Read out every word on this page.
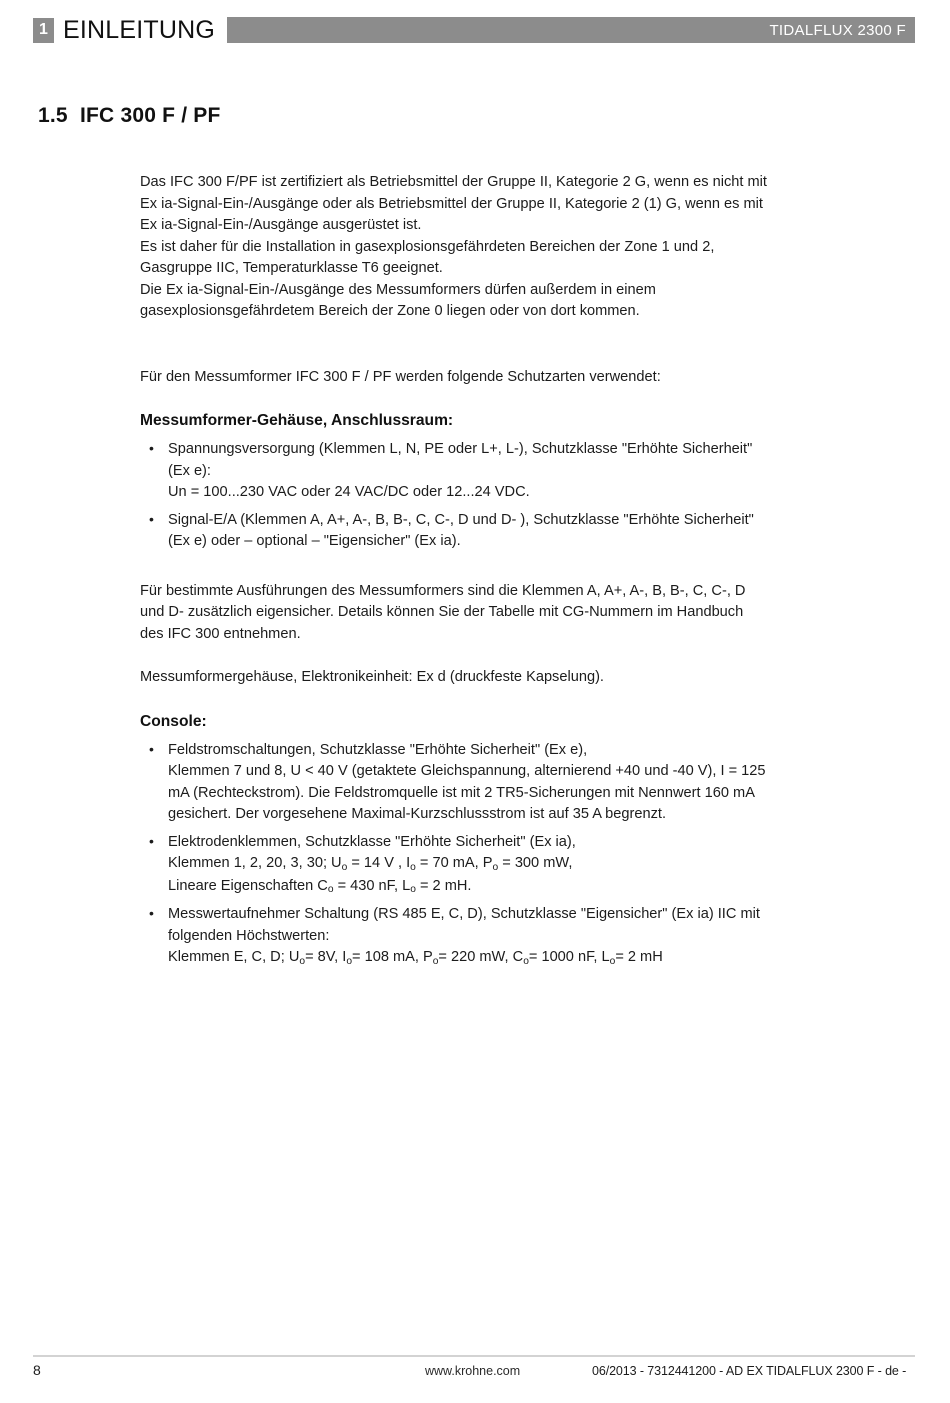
1 EINLEITUNG	TIDALFLUX 2300 F
1.5 IFC 300 F / PF

Das IFC 300 F/PF ist zertifiziert als Betriebsmittel der Gruppe II, Kategorie 2 G, wenn es nicht mit
Ex ia-Signal-Ein-/Ausgänge oder als Betriebsmittel der Gruppe II, Kategorie 2 (1) G, wenn es mit
Ex ia-Signal-Ein-/Ausgänge ausgerüstet ist.
Es ist daher für die Installation in gasexplosionsgefährdeten Bereichen der Zone 1 und 2,
Gasgruppe IIC, Temperaturklasse T6 geeignet.
Die Ex ia-Signal-Ein-/Ausgänge des Messumformers dürfen außerdem in einem
gasexplosionsgefährdetem Bereich der Zone 0 liegen oder von dort kommen.

Für den Messumformer IFC 300 F / PF werden folgende Schutzarten verwendet:

Messumformer-Gehäuse, Anschlussraum:
• Spannungsversorgung (Klemmen L, N, PE oder L+, L-), Schutzklasse "Erhöhte Sicherheit"
(Ex e):
Un = 100...230 VAC oder 24 VAC/DC oder 12...24 VDC.
• Signal-E/A (Klemmen A, A+, A-, B, B-, C, C-, D und D- ), Schutzklasse "Erhöhte Sicherheit"
(Ex e) oder – optional – "Eigensicher" (Ex ia).

Für bestimmte Ausführungen des Messumformers sind die Klemmen A, A+, A-, B, B-, C, C-, D
und D- zusätzlich eigensicher. Details können Sie der Tabelle mit CG-Nummern im Handbuch
des IFC 300 entnehmen.

Messumformergehäuse, Elektronikeinheit: Ex d (druckfeste Kapselung).

Console:
• Feldstromschaltungen, Schutzklasse "Erhöhte Sicherheit" (Ex e),
Klemmen 7 und 8, U < 40 V (getaktete Gleichspannung, alternierend +40 und -40 V), I = 125
mA (Rechteckstrom). Die Feldstromquelle ist mit 2 TR5-Sicherungen mit Nennwert 160 mA
gesichert. Der vorgesehene Maximal-Kurzschlussstrom ist auf 35 A begrenzt.
• Elektrodenklemmen, Schutzklasse "Erhöhte Sicherheit" (Ex ia),
Klemmen 1, 2, 20, 3, 30; $U_o = 14$ V , $I_o = 70$ mA, $P_o = 300$ mW,
Lineare Eigenschaften $C_o = 430$ nF, $L_o = 2$ mH.
• Messwertaufnehmer Schaltung (RS 485 E, C, D), Schutzklasse "Eigensicher" (Ex ia) IIC mit
folgenden Höchstwerten:
Klemmen E, C, D; $U_o= 8V$, $I_o= 108$ mA, $P_o= 220$ mW, $C_o= 1000$ nF, $L_o= 2$ mH
8	www.krohne.com	06/2013 - 7312441200 - AD EX TIDALFLUX 2300 F - de -
